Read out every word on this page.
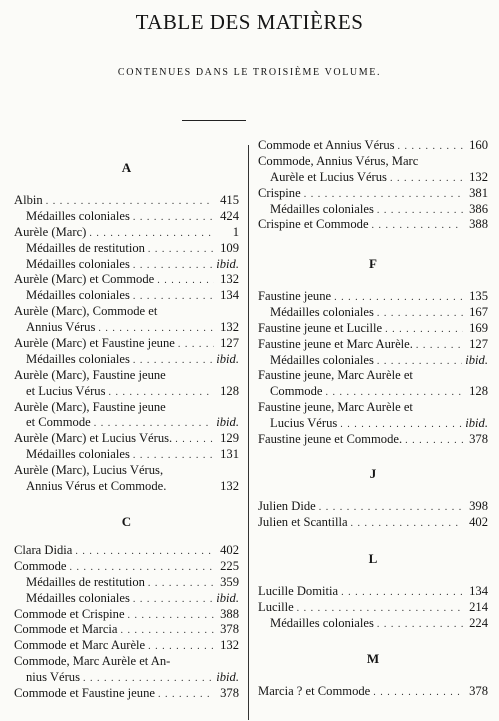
TABLE DES MATIÈRES
CONTENUES DANS LE TROISIÈME VOLUME.
A
Albin . . .	415
Médailles coloniales . . .	424
Aurèle (Marc) . . .	1
Médailles de restitution . . .	109
Médailles coloniales . . .	ibid.
Aurèle (Marc) et Commode . . .	132
Médailles coloniales . . .	134
Aurèle (Marc), Commode et
Annius Vérus . . .	132
Aurèle (Marc) et Faustine jeune . . .	127
Médailles coloniales . . .	ibid.
Aurèle (Marc), Faustine jeune
et Lucius Vérus . . .	128
Aurèle (Marc), Faustine jeune
et Commode . . .	ibid.
Aurèle (Marc) et Lucius Vérus. . . .	129
Médailles coloniales . . .	131
Aurèle (Marc), Lucius Vérus,
Annius Vérus et Commode.	132
C
Clara Didia . . .	402
Commode . . .	225
Médailles de restitution . . .	359
Médailles coloniales . . .	ibid.
Commode et Crispine . . .	388
Commode et Marcia . . .	378
Commode et Marc Aurèle . . .	132
Commode, Marc Aurèle et An-
nius Vérus . . .	ibid.
Commode et Faustine jeune . . .	378
Commode et Annius Vérus . . .	160
Commode, Annius Vérus, Marc
Aurèle et Lucius Vérus . . .	132
Crispine . . .	381
Médailles coloniales . . .	386
Crispine et Commode . . .	388
F
Faustine jeune . . .	135
Médailles coloniales . . .	167
Faustine jeune et Lucille . . .	169
Faustine jeune et Marc Aurèle. . . .	127
Médailles coloniales . . .	ibid.
Faustine jeune, Marc Aurèle et
Commode . . .	128
Faustine jeune, Marc Aurèle et
Lucius Vérus . . .	ibid.
Faustine jeune et Commode. . . .	378
J
Julien Dide . . .	398
Julien et Scantilla . . .	402
L
Lucille Domitia . . .	134
Lucille . . .	214
Médailles coloniales . . .	224
M
Marcia ? et Commode . . .	378
